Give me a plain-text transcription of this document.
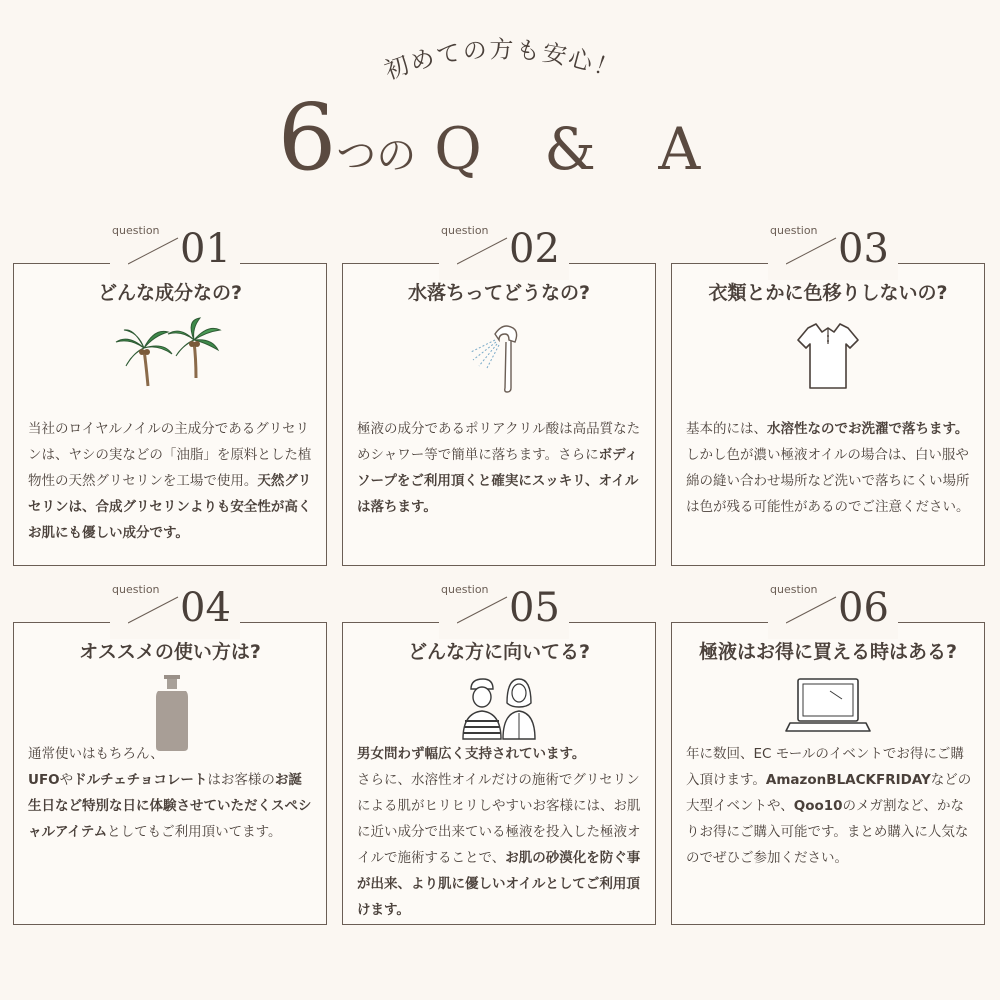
初めての方も安心！
6つの Q & A
question 01
どんな成分なの?
当社のロイヤルノイルの主成分であるグリセリンは、ヤシの実などの「油脂」を原料とした植物性の天然グリセリンを工場で使用。天然グリセリンは、合成グリセリンよりも安全性が高くお肌にも優しい成分です。
question 02
水落ちってどうなの?
極液の成分であるポリアクリル酸は高品質なためシャワー等で簡単に落ちます。さらにボディソープをご利用頂くと確実にスッキリ、オイルは落ちます。
question 03
衣類とかに色移りしないの?
基本的には、水溶性なのでお洗濯で落ちます。しかし色が濃い極液オイルの場合は、白い服や綿の縫い合わせ場所など洗いで落ちにくい場所は色が残る可能性があるのでご注意ください。
question 04
オススメの使い方は?
通常使いはもちろん、
UFOやドルチェチョコレートはお客様のお誕生日など特別な日に体験させていただくスペシャルアイテムとしてもご利用頂いてます。
question 05
どんな方に向いてる?
男女問わず幅広く支持されています。
さらに、水溶性オイルだけの施術でグリセリンによる肌がヒリヒリしやすいお客様には、お肌に近い成分で出来ている極液を投入した極液オイルで施術することで、お肌の砂漠化を防ぐ事が出来、より肌に優しいオイルとしてご利用頂けます。
question 06
極液はお得に買える時はある?
年に数回、EC モールのイベントでお得にご購入頂けます。AmazonBLACKFRIDAYなどの大型イベントや、Qoo10のメガ割など、かなりお得にご購入可能です。まとめ購入に人気なのでぜひご参加ください。
